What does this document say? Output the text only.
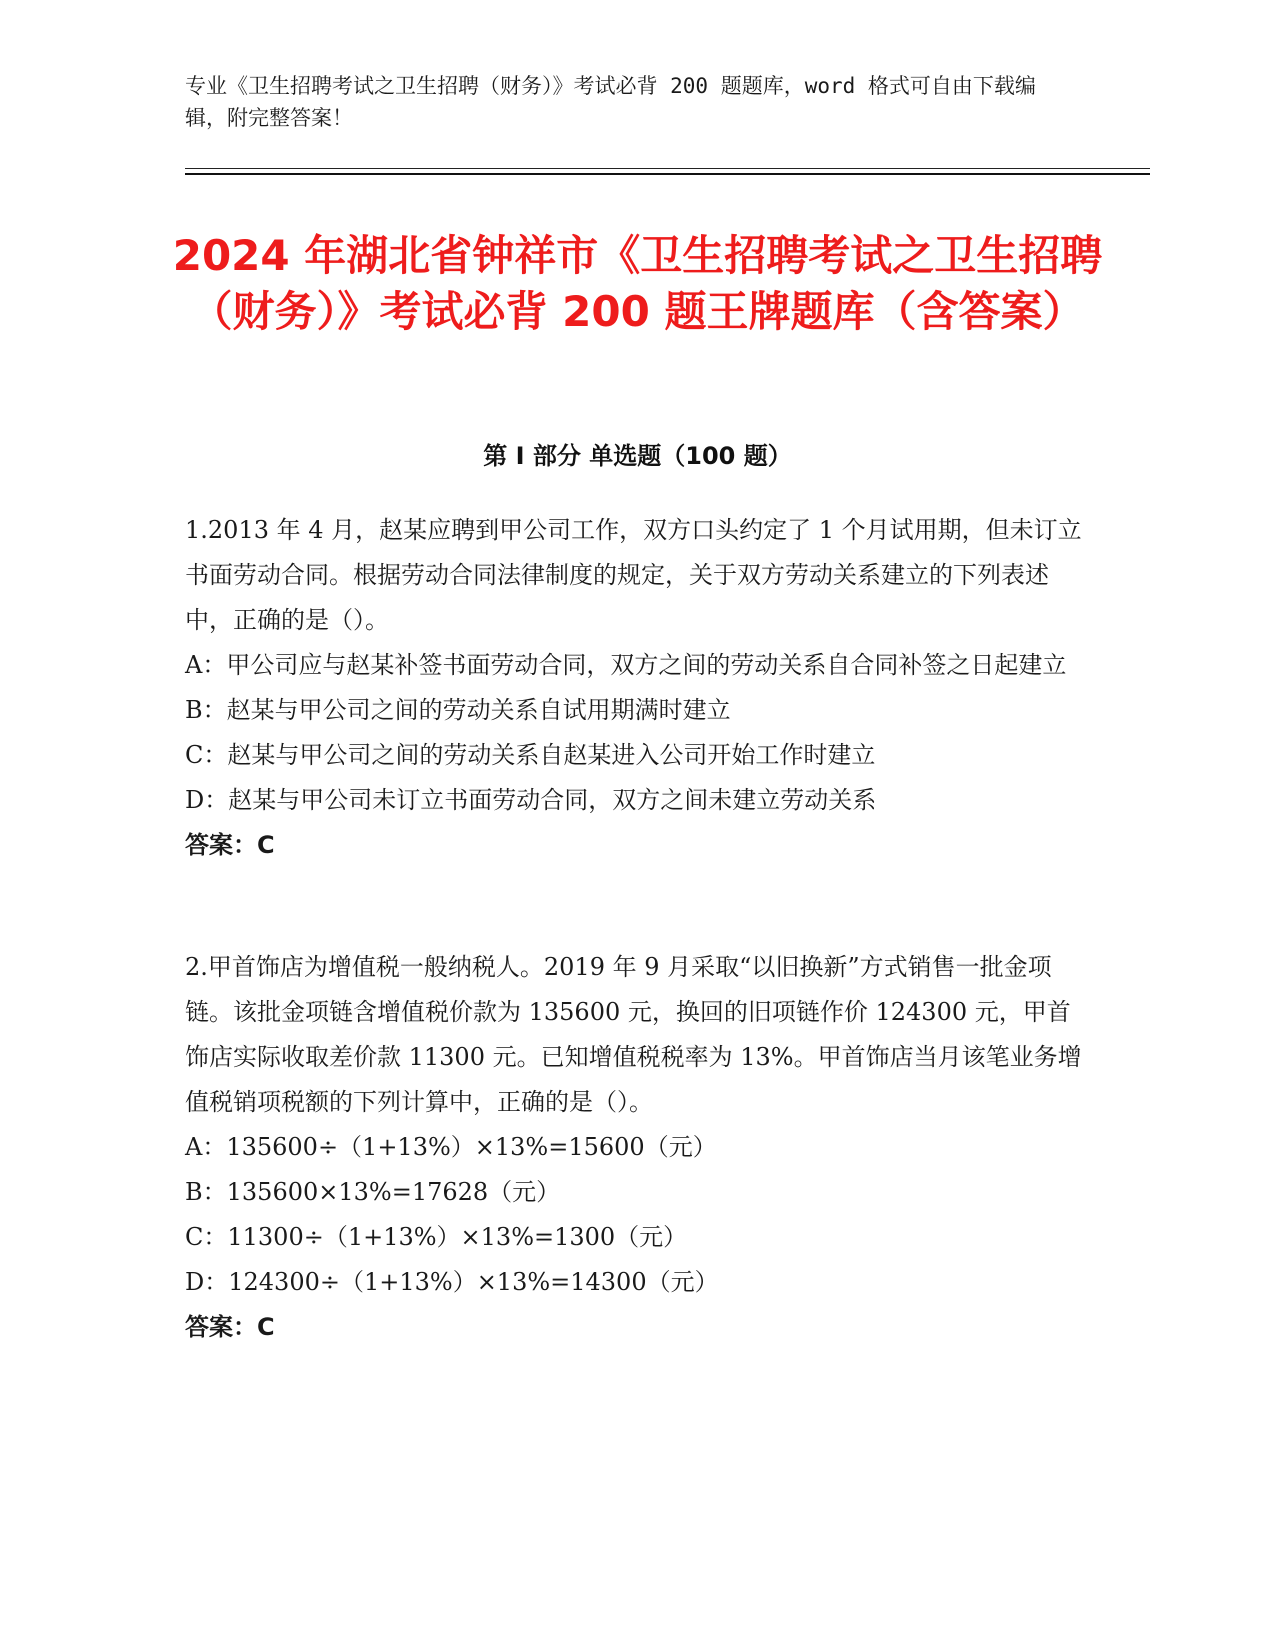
专业《卫生招聘考试之卫生招聘（财务）》考试必背 200 题题库，word 格式可自由下载编辑，附完整答案！
2024 年湖北省钟祥市《卫生招聘考试之卫生招聘（财务）》考试必背 200 题王牌题库（含答案）
第 I 部分 单选题（100 题）
1.2013 年 4 月，赵某应聘到甲公司工作，双方口头约定了 1 个月试用期，但未订立书面劳动合同。根据劳动合同法律制度的规定，关于双方劳动关系建立的下列表述中，正确的是（）。
A：甲公司应与赵某补签书面劳动合同，双方之间的劳动关系自合同补签之日起建立
B：赵某与甲公司之间的劳动关系自试用期满时建立
C：赵某与甲公司之间的劳动关系自赵某进入公司开始工作时建立
D：赵某与甲公司未订立书面劳动合同，双方之间未建立劳动关系
答案：C
2.甲首饰店为增值税一般纳税人。2019 年 9 月采取“以旧换新”方式销售一批金项链。该批金项链含增值税价款为 135600 元，换回的旧项链作价 124300 元，甲首饰店实际收取差价款 11300 元。已知增值税税率为 13%。甲首饰店当月该笔业务增值税销项税额的下列计算中，正确的是（）。
A：135600÷（1+13%）×13%=15600（元）
B：135600×13%=17628（元）
C：11300÷（1+13%）×13%=1300（元）
D：124300÷（1+13%）×13%=14300（元）
答案：C
